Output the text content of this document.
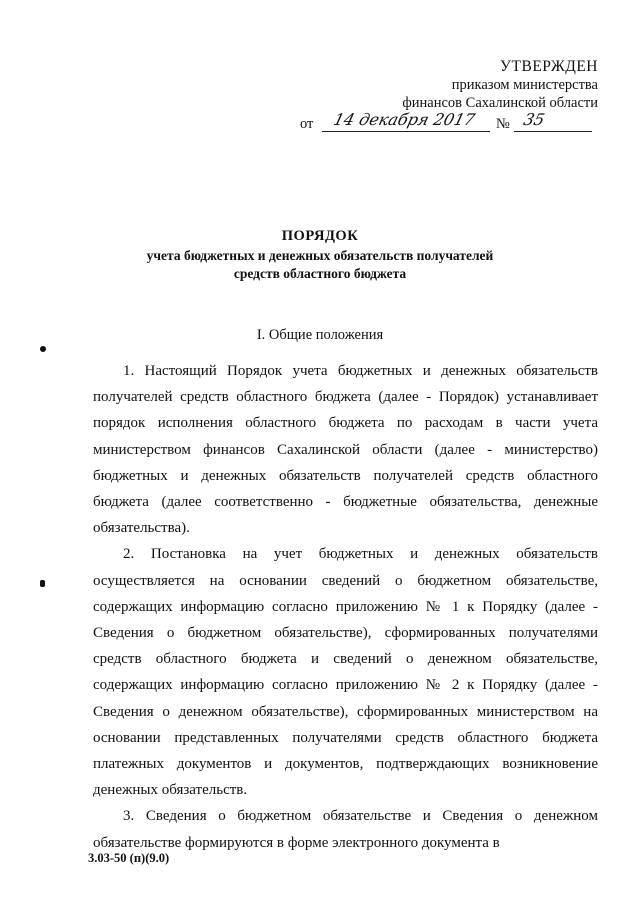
УТВЕРЖДЕН
приказом министерства
финансов Сахалинской области
от 14 декабря 2017 № 35
ПОРЯДОК
учета бюджетных и денежных обязательств получателей
средств областного бюджета
I. Общие положения

1. Настоящий Порядок учета бюджетных и денежных обязательств получателей средств областного бюджета (далее - Порядок) устанавливает порядок исполнения областного бюджета по расходам в части учета министерством финансов Сахалинской области (далее - министерство) бюджетных и денежных обязательств получателей средств областного бюджета (далее соответственно - бюджетные обязательства, денежные обязательства).

2. Постановка на учет бюджетных и денежных обязательств осуществляется на основании сведений о бюджетном обязательстве, содержащих информацию согласно приложению № 1 к Порядку (далее - Сведения о бюджетном обязательстве), сформированных получателями средств областного бюджета и сведений о денежном обязательстве, содержащих информацию согласно приложению № 2 к Порядку (далее - Сведения о денежном обязательстве), сформированных министерством на основании представленных получателями средств областного бюджета платежных документов и документов, подтверждающих возникновение денежных обязательств.

3. Сведения о бюджетном обязательстве и Сведения о денежном обязательстве формируются в форме электронного документа в

3.03-50 (п)(9.0)
